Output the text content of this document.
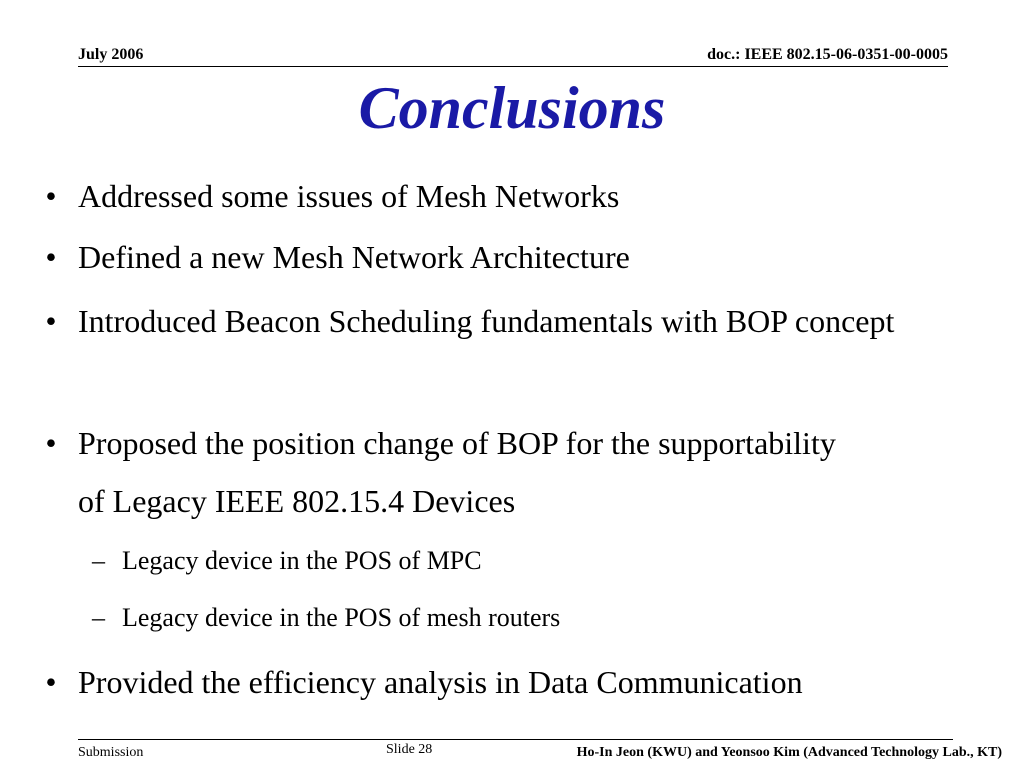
July 2006	doc.: IEEE 802.15-06-0351-00-0005
Conclusions
• Addressed some issues of Mesh Networks
• Defined a new Mesh Network Architecture
• Introduced Beacon Scheduling fundamentals with BOP concept
• Proposed the position change of BOP for the supportability of Legacy IEEE 802.15.4 Devices
– Legacy device in the POS of MPC
– Legacy device in the POS of mesh routers
• Provided the efficiency analysis in Data Communication
Submission	Slide 28	Ho-In Jeon (KWU) and Yeonsoo Kim (Advanced Technology Lab., KT)
